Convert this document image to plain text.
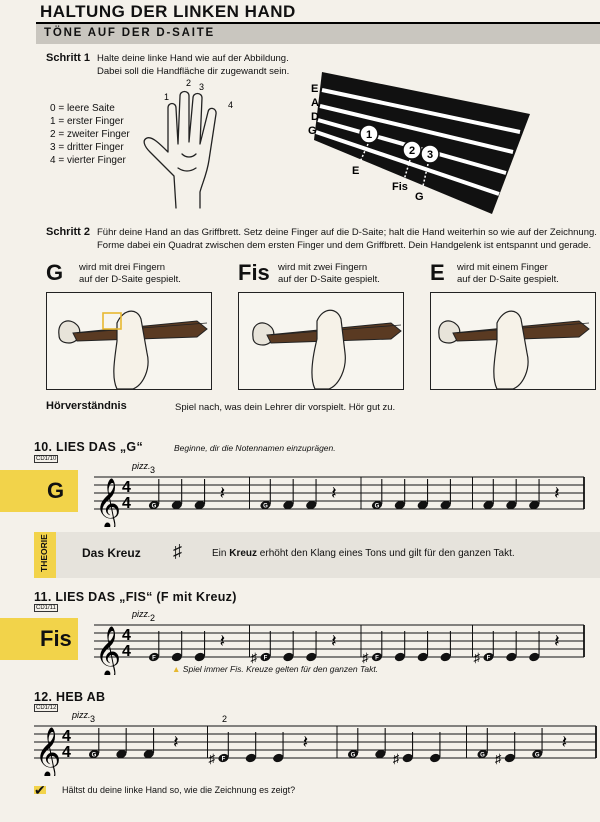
HALTUNG DER LINKEN HAND
TÖNE AUF DER D-SAITE
Schritt 1 Halte deine linke Hand wie auf der Abbildung.
Dabei soll die Handfläche dir zugewandt sein.
0 = leere Saite
1 = erster Finger
2 = zweiter Finger
3 = dritter Finger
4 = vierter Finger
1
2 3
4
E
A
D
G	1
2 3
E
Fis
G
Schritt 2 Führ deine Hand an das Griffbrett. Setz deine Finger auf die D-Saite; halt die Hand weiterhin so wie auf der Zeichnung.
Forme dabei ein Quadrat zwischen dem ersten Finger und dem Griffbrett. Dein Handgelenk ist entspannt und gerade.
G wird mit drei Fingern
auf der D-Saite gespielt.	Fis wird mit zwei Fingern
auf der D-Saite gespielt. E wird mit einem Finger
auf der D-Saite gespielt.
Hörverständnis	Spiel nach, was dein Lehrer dir vorspielt. Hör gut zu.
10. LIES DAS „G“	Beginne, dir die Notennamen einzuprägen.
CD1/10
G 𝄞 4
4
pizz. 3
G
𝄽
G
𝄽
G
𝄽
THEORIE	Das Kreuz ♯	Ein Kreuz erhöht den Klang eines Tons und gilt für den ganzen Takt.
11. LIES DAS „FIS“ (F mit Kreuz)
CD1/11
Fis 𝄞 4
4
pizz. 2
F
𝄽
♯ F
𝄽
♯ F	♯ F
𝄽
▲ Spiel immer Fis. Kreuze gelten für den ganzen Takt.
12. HEB AB
CD1/12
𝄞 4
4
pizz. 3	2
G
𝄽
♯ F
𝄽
G	♯	G ♯	G
𝄽
✔ Hältst du deine linke Hand so, wie die Zeichnung es zeigt?
